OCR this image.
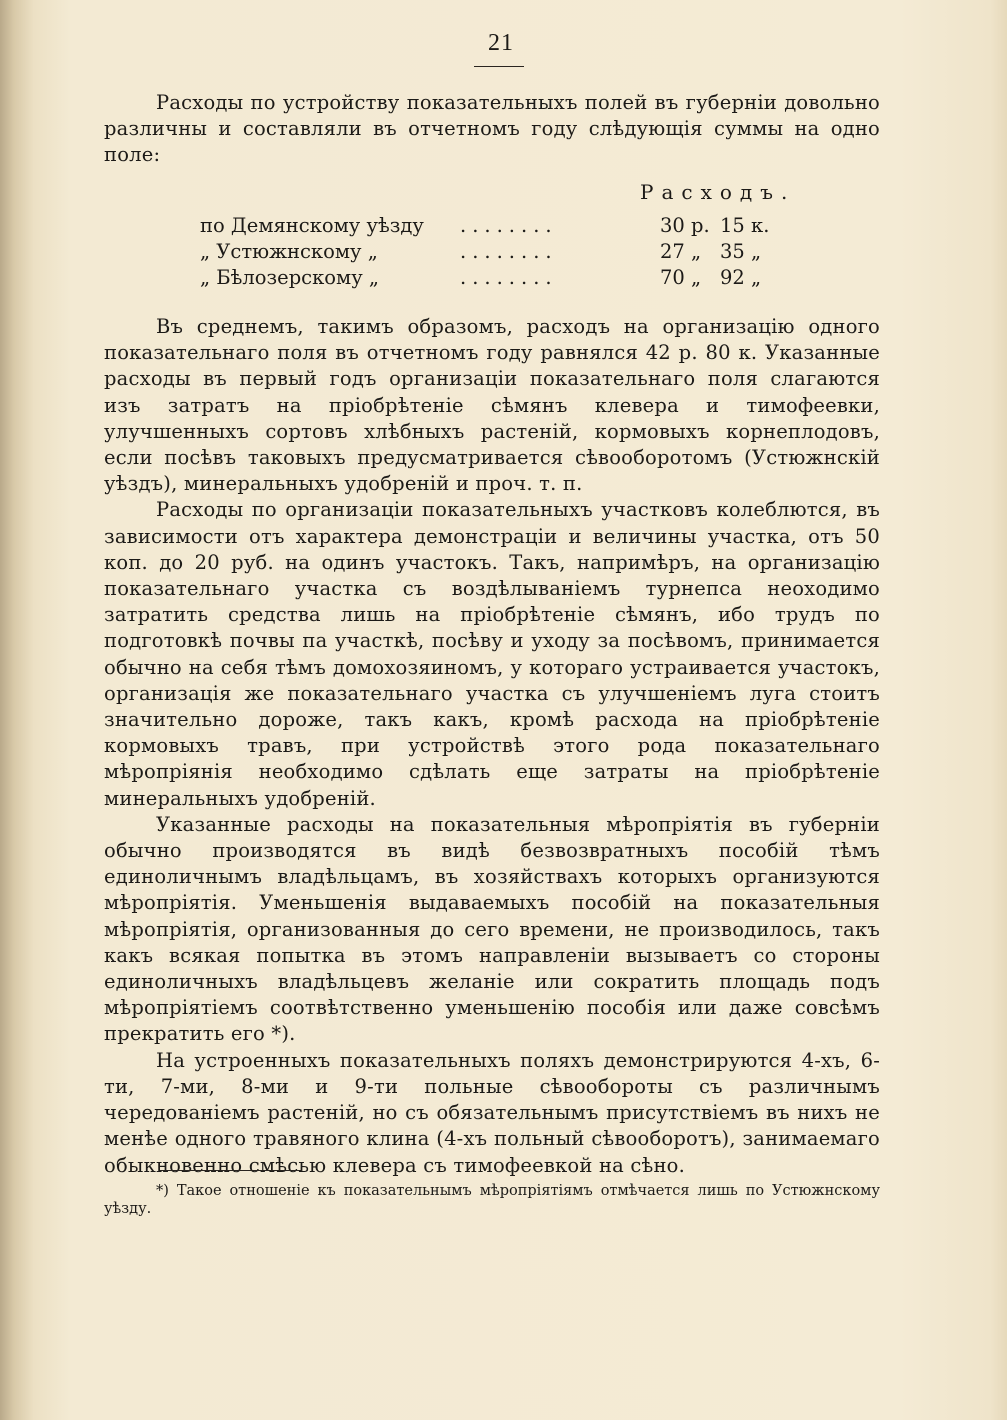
21

Расходы по устройству показательныхъ полей въ губерніи довольно различны и составляли въ отчетномъ году слѣдующія суммы на одно поле:

Расходъ.
по Демянскому уѣзду ........	30 р. 15 к.
„ Устюжнскому „	........	27 „ 35 „
„ Бѣлозерскому „	........	70 „ 92 „

Въ среднемъ, такимъ образомъ, расходъ на организацію одного показательнаго поля въ отчетномъ году равнялся 42 р. 80 к. Указанные расходы въ первый годъ организаціи показательнаго поля слагаются изъ затратъ на пріобрѣтеніе сѣмянъ клевера и тимофеевки, улучшенныхъ сортовъ хлѣбныхъ растеній, кормовыхъ корнеплодовъ, если посѣвъ таковыхъ предусматривается сѣвооборотомъ (Устюжнскій уѣздъ), минеральныхъ удобреній и проч. т. п.

Расходы по организаціи показательныхъ участковъ колеблются, въ зависимости отъ характера демонстраціи и величины участка, отъ 50 коп. до 20 руб. на одинъ участокъ. Такъ, напримѣръ, на организацію показательнаго участка съ воздѣлываніемъ турнепса неоходимо затратить средства лишь на пріобрѣтеніе сѣмянъ, ибо трудъ по подготовкѣ почвы па участкѣ, посѣву и уходу за посѣвомъ, принимается обычно на себя тѣмъ домохозяиномъ, у котораго устраивается участокъ, организація же показательнаго участка съ улучшеніемъ луга стоитъ значительно дороже, такъ какъ, кромѣ расхода на пріобрѣтеніе кормовыхъ травъ, при устройствѣ этого рода показательнаго мѣропріянія необходимо сдѣлать еще затраты на пріобрѣтеніе минеральныхъ удобреній.

Указанные расходы на показательныя мѣропріятія въ губерніи обычно производятся въ видѣ безвозвратныхъ пособій тѣмъ единоличнымъ владѣльцамъ, въ хозяйствахъ которыхъ организуются мѣропріятія. Уменьшенія выдаваемыхъ пособій на показательныя мѣропріятія, организованныя до сего времени, не производилось, такъ какъ всякая попытка въ этомъ направленіи вызываетъ со стороны единоличныхъ владѣльцевъ желаніе или сократить площадь подъ мѣропріятіемъ соотвѣтственно уменьшенію пособія или даже совсѣмъ прекратить его *).

На устроенныхъ показательныхъ поляхъ демонстрируются 4-хъ, 6-ти, 7-ми, 8-ми и 9-ти польные сѣвообороты съ различнымъ чередованіемъ растеній, но съ обязательнымъ присутствіемъ въ нихъ не менѣе одного травяного клина (4-хъ польный сѣвооборотъ), занимаемаго обыкновенно смѣсью клевера съ тимофеевкой на сѣно.

*) Такое отношеніе къ показательнымъ мѣропріятіямъ отмѣчается лишь по Устюжнскому уѣзду.
